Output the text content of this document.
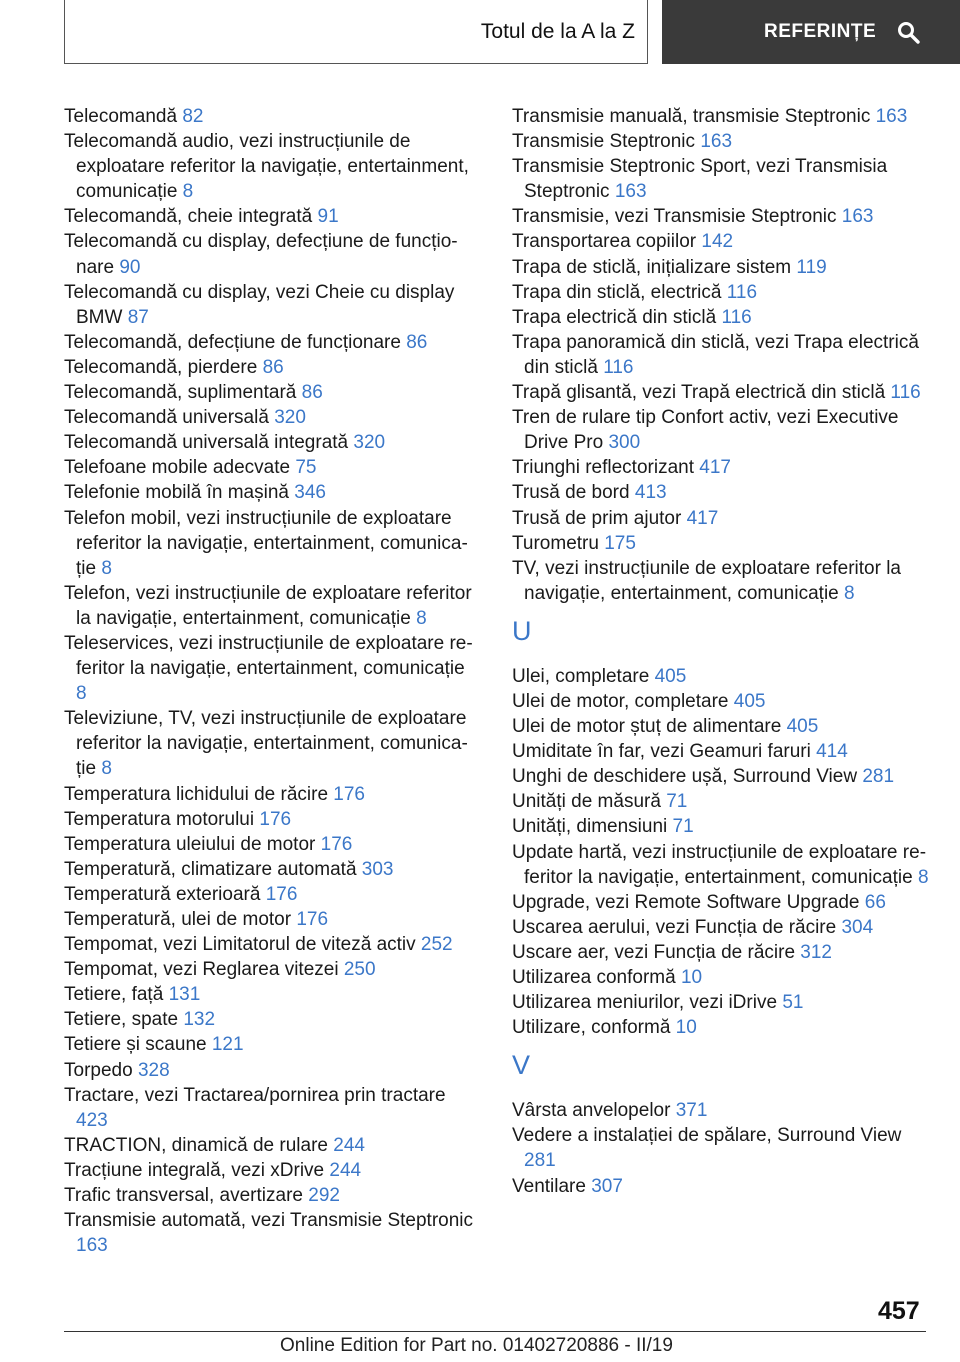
Totul de la A la Z	REFERINȚE
Telecomandă 82
Telecomandă audio, vezi instrucțiunile de exploatare referitor la navigație, entertainment, comunicație 8
Telecomandă, cheie integrată 91
Telecomandă cu display, defecțiune de funcționare 90
Telecomandă cu display, vezi Cheie cu display BMW 87
Telecomandă, defecțiune de funcționare 86
Telecomandă, pierdere 86
Telecomandă, suplimentară 86
Telecomandă universală 320
Telecomandă universală integrată 320
Telefoane mobile adecvate 75
Telefonie mobilă în mașină 346
Telefon mobil, vezi instrucțiunile de exploatare referitor la navigație, entertainment, comunicație 8
Telefon, vezi instrucțiunile de exploatare referitor la navigație, entertainment, comunicație 8
Teleservices, vezi instrucțiunile de exploatare referitor la navigație, entertainment, comunicație 8
Televiziune, TV, vezi instrucțiunile de exploatare referitor la navigație, entertainment, comunicație 8
Temperatura lichidului de răcire 176
Temperatura motorului 176
Temperatura uleiului de motor 176
Temperatură, climatizare automată 303
Temperatură exterioară 176
Temperatură, ulei de motor 176
Tempomat, vezi Limitatorul de viteză activ 252
Tempomat, vezi Reglarea vitezei 250
Tetiere, față 131
Tetiere, spate 132
Tetiere și scaune 121
Torpedo 328
Tractare, vezi Tractarea/pornirea prin tractare 423
TRACTION, dinamică de rulare 244
Tracțiune integrală, vezi xDrive 244
Trafic transversal, avertizare 292
Transmisie automată, vezi Transmisie Steptronic 163
Transmisie manuală, transmisie Steptronic 163
Transmisie Steptronic 163
Transmisie Steptronic Sport, vezi Transmisia Steptronic 163
Transmisie, vezi Transmisie Steptronic 163
Transportarea copiilor 142
Trapa de sticlă, inițializare sistem 119
Trapa din sticlă, electrică 116
Trapa electrică din sticlă 116
Trapa panoramică din sticlă, vezi Trapa electrică din sticlă 116
Trapă glisantă, vezi Trapă electrică din sticlă 116
Tren de rulare tip Confort activ, vezi Executive Drive Pro 300
Triunghi reflectorizant 417
Trusă de bord 413
Trusă de prim ajutor 417
Turometru 175
TV, vezi instrucțiunile de exploatare referitor la navigație, entertainment, comunicație 8
U
Ulei, completare 405
Ulei de motor, completare 405
Ulei de motor ștuț de alimentare 405
Umiditate în far, vezi Geamuri faruri 414
Unghi de deschidere ușă, Surround View 281
Unități de măsură 71
Unități, dimensiuni 71
Update hartă, vezi instrucțiunile de exploatare referitor la navigație, entertainment, comunicație 8
Upgrade, vezi Remote Software Upgrade 66
Uscarea aerului, vezi Funcția de răcire 304
Uscare aer, vezi Funcția de răcire 312
Utilizarea conformă 10
Utilizarea meniurilor, vezi iDrive 51
Utilizare, conformă 10
V
Vârsta anvelopelor 371
Vedere a instalației de spălare, Surround View 281
Ventilare 307
457
Online Edition for Part no. 01402720886 - II/19
